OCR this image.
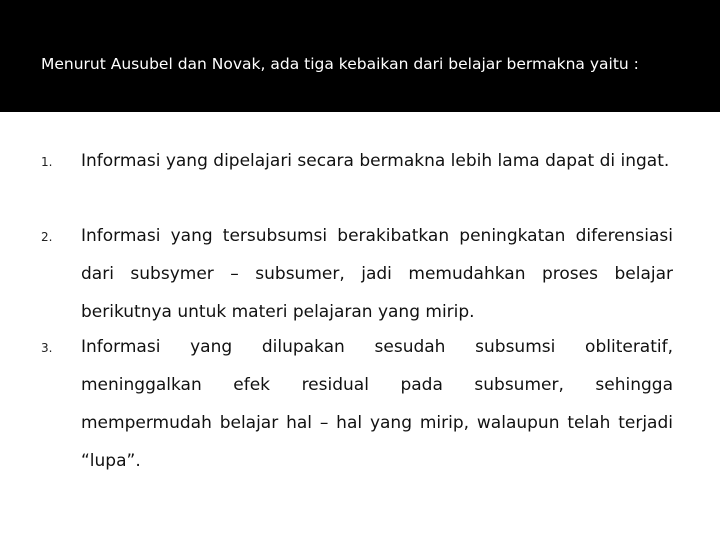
Menurut Ausubel dan Novak, ada tiga kebaikan dari belajar bermakna yaitu :
1. Informasi yang dipelajari secara bermakna lebih lama dapat di ingat.
2. Informasi yang tersubsumsi berakibatkan peningkatan diferensiasi dari subsymer – subsumer, jadi memudahkan proses belajar berikutnya untuk materi pelajaran yang mirip.
3. Informasi yang dilupakan sesudah subsumsi obliteratif, meninggalkan efek residual pada subsumer, sehingga mempermudah belajar hal – hal yang mirip, walaupun telah terjadi “lupa”.
